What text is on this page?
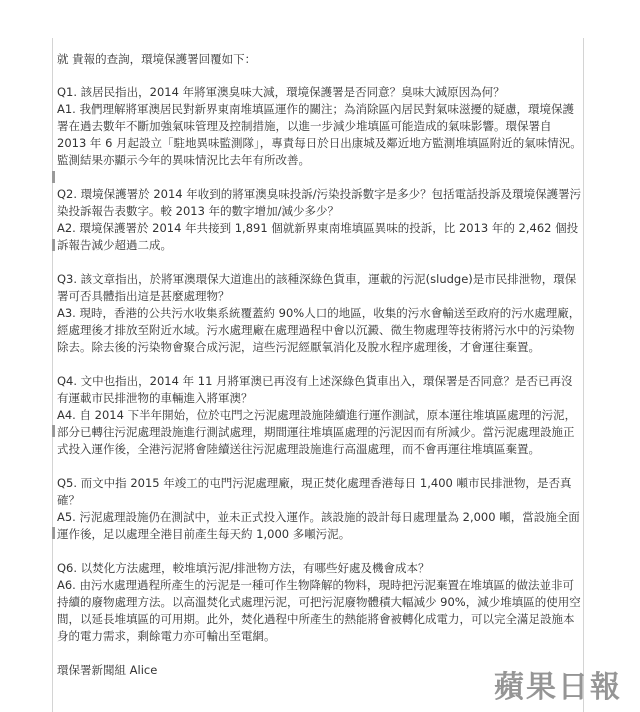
就 貴報的查詢，環境保護署回覆如下：

Q1. 該居民指出，2014 年將軍澳臭味大減，環境保護署是否同意？臭味大減原因為何？

A1. 我們理解將軍澳居民對新界東南堆填區運作的關注；為消除區內居民對氣味滋擾的疑慮，環境保護署在過去數年不斷加強氣味管理及控制措施，以進一步減少堆填區可能造成的氣味影響。環保署自 2013 年 6 月起設立「駐地異味監測隊」，專責每日於日出康城及鄰近地方監測堆填區附近的氣味情況。監測結果亦顯示今年的異味情況比去年有所改善。

Q2. 環境保護署於 2014 年收到的將軍澳臭味投訴/污染投訴數字是多少？包括電話投訴及環境保護署污染投訴報告表數字。較 2013 年的數字增加/減少多少？

A2. 環境保護署於 2014 年共接到 1,891 個就新界東南堆填區異味的投訴，比 2013 年的 2,462 個投訴報告減少超過二成。

Q3. 該文章指出，於將軍澳環保大道進出的該種深綠色貨車，運載的污泥(sludge)是市民排泄物，環保署可否具體指出這是甚麼處理物？

A3. 現時，香港的公共污水收集系統覆蓋約 90%人口的地區，收集的污水會輸送至政府的污水處理廠，經處理後才排放至附近水域。污水處理廠在處理過程中會以沉澱、微生物處理等技術將污水中的污染物除去。除去後的污染物會聚合成污泥，這些污泥經厭氧消化及脫水程序處理後，才會運往棄置。

Q4. 文中也指出，2014 年 11 月將軍澳已再沒有上述深綠色貨車出入，環保署是否同意？是否已再沒有運載市民排泄物的車輛進入將軍澳？

A4. 自 2014 下半年開始，位於屯門之污泥處理設施陸續進行運作測試，原本運往堆填區處理的污泥，部分已轉往污泥處理設施進行測試處理，期間運往堆填區處理的污泥因而有所減少。當污泥處理設施正式投入運作後，全港污泥將會陸續送往污泥處理設施進行高溫處理，而不會再運往堆填區棄置。

Q5. 而文中指 2015 年竣工的屯門污泥處理廠，現正焚化處理香港每日 1,400 噸市民排泄物，是否真確？

A5. 污泥處理設施仍在測試中，並未正式投入運作。該設施的設計每日處理量為 2,000 噸，當設施全面運作後，足以處理全港目前產生每天約 1,000 多噸污泥。

Q6. 以焚化方法處理，較堆填污泥/排泄物方法，有哪些好處及機會成本？

A6. 由污水處理過程所產生的污泥是一種可作生物降解的物料，現時把污泥棄置在堆填區的做法並非可持續的廢物處理方法。以高溫焚化式處理污泥，可把污泥廢物體積大幅減少 90%，減少堆填區的使用空間，以延長堆填區的可用期。此外，焚化過程中所產生的熱能將會被轉化成電力，可以完全滿足設施本身的電力需求，剩餘電力亦可輸出至電網。

環保署新聞組 Alice	蘋果日報
